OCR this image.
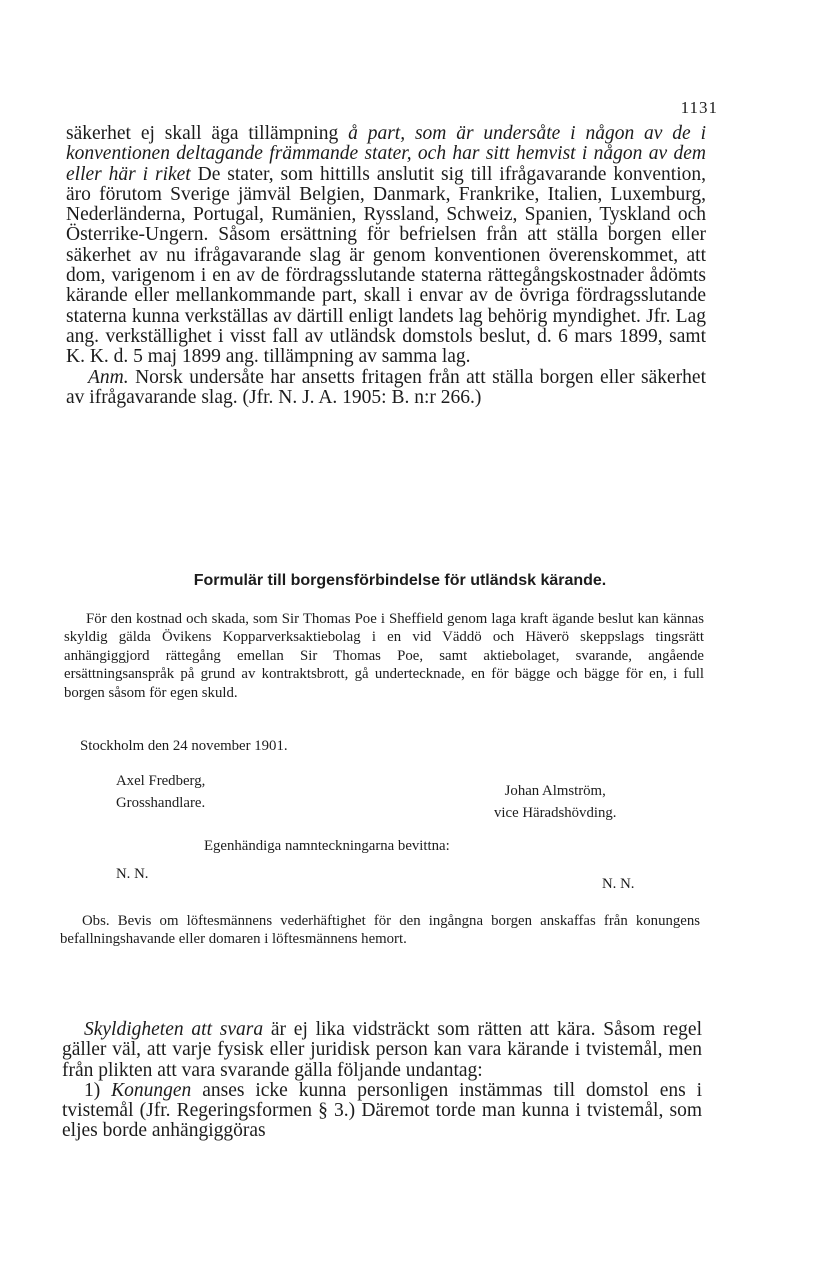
1131

säkerhet ej skall äga tillämpning å part, som är undersåte i någon av de i konventionen deltagande främmande stater, och har sitt hemvist i någon av dem eller här i riket De stater, som hittills anslutit sig till ifrågavarande konvention, äro förutom Sverige jämväl Belgien, Danmark, Frankrike, Italien, Luxemburg, Nederländerna, Portugal, Rumänien, Ryssland, Schweiz, Spanien, Tyskland och Österrike-Ungern. Såsom ersättning för befrielsen från att ställa borgen eller säkerhet av nu ifrågavarande slag är genom konventionen överenskommet, att dom, varigenom i en av de fördragsslutande staterna rättegångskostnader ådömts kärande eller mellankommande part, skall i envar av de övriga fördragsslutande staterna kunna verkställas av därtill enligt landets lag behörig myndighet. Jfr. Lag ang. verkställighet i visst fall av utländsk domstols beslut, d. 6 mars 1899, samt K. K. d. 5 maj 1899 ang. tillämpning av samma lag.

Anm. Norsk undersåte har ansetts fritagen från att ställa borgen eller säkerhet av ifrågavarande slag. (Jfr. N. J. A. 1905: B. n:r 266.)

Formulär till borgensförbindelse för utländsk kärande.

För den kostnad och skada, som Sir Thomas Poe i Sheffield genom laga kraft ägande beslut kan kännas skyldig gälda Övikens Kopparverksaktiebolag i en vid Väddö och Häverö skeppslags tingsrätt anhängiggjord rättegång emellan Sir Thomas Poe, samt aktiebolaget, svarande, angående ersättningsanspråk på grund av kontraktsbrott, gå undertecknade, en för bägge och bägge för en, i full borgen såsom för egen skuld.

Stockholm den 24 november 1901.

Axel Fredberg,
Grosshandlare.
Johan Almström,
vice Häradshövding.

Egenhändiga namnteckningarna bevittna:

N. N.
N. N.

Obs. Bevis om löftesmännens vederhäftighet för den ingångna borgen anskaffas från konungens befallningshavande eller domaren i löftesmännens hemort.

Skyldigheten att svara är ej lika vidsträckt som rätten att kära. Såsom regel gäller väl, att varje fysisk eller juridisk person kan vara kärande i tvistemål, men från plikten att vara svarande gälla följande undantag:

1) Konungen anses icke kunna personligen instämmas till domstol ens i tvistemål (Jfr. Regeringsformen § 3.) Däremot torde man kunna i tvistemål, som eljes borde anhängiggöras
